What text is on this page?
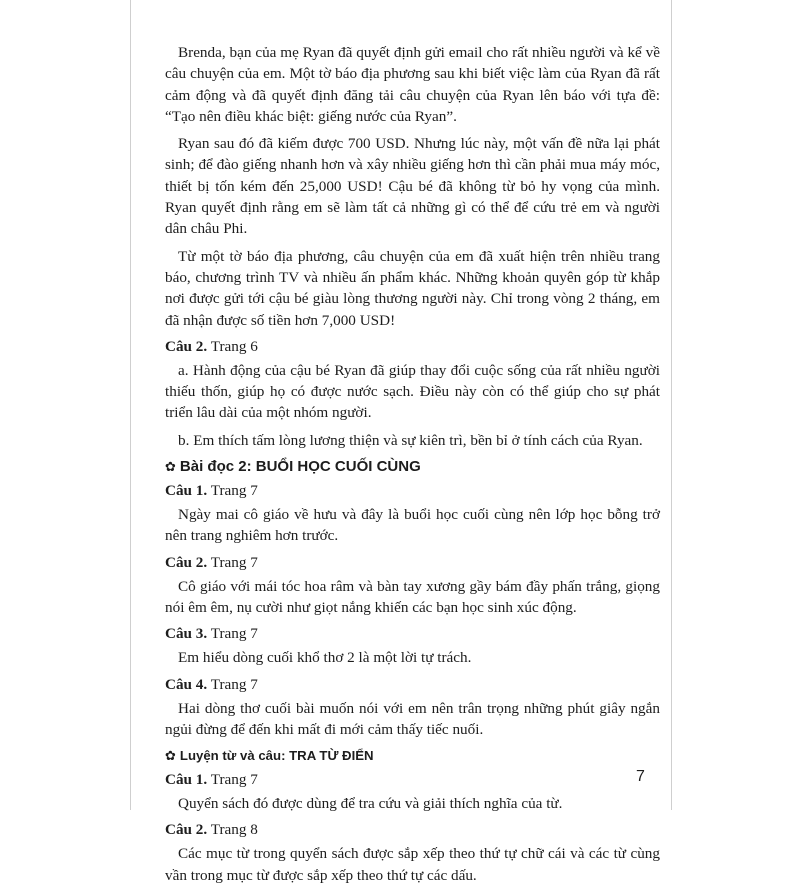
Brenda, bạn của mẹ Ryan đã quyết định gửi email cho rất nhiều người và kể về câu chuyện của em. Một tờ báo địa phương sau khi biết việc làm của Ryan đã rất cảm động và đã quyết định đăng tải câu chuyện của Ryan lên báo với tựa đề: “Tạo nên điều khác biệt: giếng nước của Ryan”.

Ryan sau đó đã kiếm được 700 USD. Nhưng lúc này, một vấn đề nữa lại phát sinh; để đào giếng nhanh hơn và xây nhiều giếng hơn thì cần phải mua máy móc, thiết bị tốn kém đến 25,000 USD! Cậu bé đã không từ bỏ hy vọng của mình. Ryan quyết định rằng em sẽ làm tất cả những gì có thể để cứu trẻ em và người dân châu Phi.

Từ một tờ báo địa phương, câu chuyện của em đã xuất hiện trên nhiều trang báo, chương trình TV và nhiều ấn phẩm khác. Những khoản quyên góp từ khắp nơi được gửi tới cậu bé giàu lòng thương người này. Chỉ trong vòng 2 tháng, em đã nhận được số tiền hơn 7,000 USD!

Câu 2. Trang 6

a. Hành động của cậu bé Ryan đã giúp thay đổi cuộc sống của rất nhiều người thiếu thốn, giúp họ có được nước sạch. Điều này còn có thể giúp cho sự phát triển lâu dài của một nhóm người.

b. Em thích tấm lòng lương thiện và sự kiên trì, bền bỉ ở tính cách của Ryan.

✿ Bài đọc 2: BUỔI HỌC CUỐI CÙNG
Câu 1. Trang 7

Ngày mai cô giáo về hưu và đây là buổi học cuối cùng nên lớp học bỗng trở nên trang nghiêm hơn trước.

Câu 2. Trang 7

Cô giáo với mái tóc hoa râm và bàn tay xương gầy bám đầy phấn trắng, giọng nói êm êm, nụ cười như giọt nắng khiến các bạn học sinh xúc động.

Câu 3. Trang 7

Em hiểu dòng cuối khổ thơ 2 là một lời tự trách.

Câu 4. Trang 7

Hai dòng thơ cuối bài muốn nói với em nên trân trọng những phút giây ngắn ngủi đừng để đến khi mất đi mới cảm thấy tiếc nuối.

✿ Luyện từ và câu: TRA TỪ ĐIỂN
Câu 1. Trang 7

Quyển sách đó được dùng để tra cứu và giải thích nghĩa của từ.

Câu 2. Trang 8

Các mục từ trong quyển sách được sắp xếp theo thứ tự chữ cái và các từ cùng vần trong mục từ được sắp xếp theo thứ tự các dấu.

7
